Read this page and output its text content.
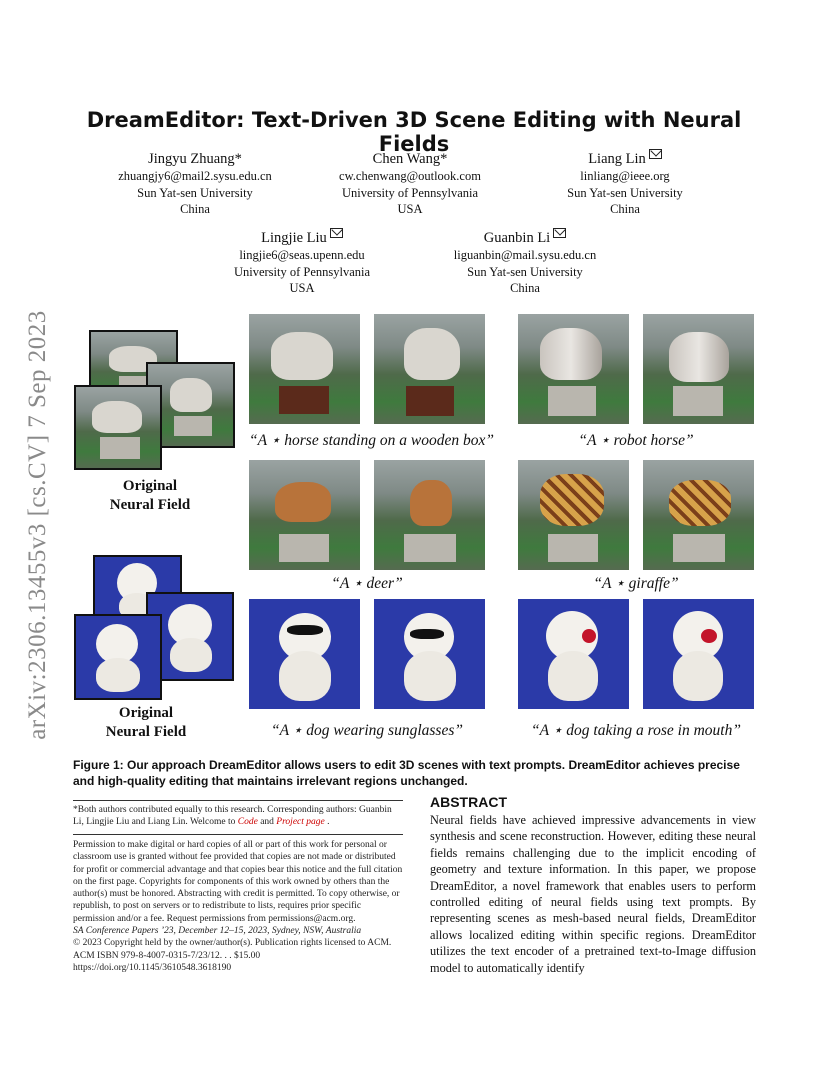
arXiv:2306.13455v3 [cs.CV] 7 Sep 2023
DreamEditor: Text-Driven 3D Scene Editing with Neural Fields
Jingyu Zhuang*
zhuangjy6@mail2.sysu.edu.cn
Sun Yat-sen University
China
Chen Wang*
cw.chenwang@outlook.com
University of Pennsylvania
USA
Liang Lin
linliang@ieee.org
Sun Yat-sen University
China
Lingjie Liu
lingjie6@seas.upenn.edu
University of Pennsylvania
USA
Guanbin Li
liguanbin@mail.sysu.edu.cn
Sun Yat-sen University
China
Original
Neural Field
Original
Neural Field
“A ⋆ horse standing on a wooden box”	“A ⋆ robot horse”
“A ⋆ deer”	“A ⋆ giraffe”
“A ⋆ dog wearing sunglasses”	“A ⋆ dog taking a rose in mouth”
Figure 1: Our approach DreamEditor allows users to edit 3D scenes with text prompts. DreamEditor achieves precise and high-quality editing that maintains irrelevant regions unchanged.
*Both authors contributed equally to this research. Corresponding authors: Guanbin Li, Lingjie Liu and Liang Lin. Welcome to Code and Project page .
Permission to make digital or hard copies of all or part of this work for personal or classroom use is granted without fee provided that copies are not made or distributed for profit or commercial advantage and that copies bear this notice and the full citation on the first page. Copyrights for components of this work owned by others than the author(s) must be honored. Abstracting with credit is permitted. To copy otherwise, or republish, to post on servers or to redistribute to lists, requires prior specific permission and/or a fee. Request permissions from permissions@acm.org.
SA Conference Papers ’23, December 12–15, 2023, Sydney, NSW, Australia
© 2023 Copyright held by the owner/author(s). Publication rights licensed to ACM.
ACM ISBN 979-8-4007-0315-7/23/12. . . $15.00
https://doi.org/10.1145/3610548.3618190
ABSTRACT
Neural fields have achieved impressive advancements in view synthesis and scene reconstruction. However, editing these neural fields remains challenging due to the implicit encoding of geometry and texture information. In this paper, we propose DreamEditor, a novel framework that enables users to perform controlled editing of neural fields using text prompts. By representing scenes as mesh-based neural fields, DreamEditor allows localized editing within specific regions. DreamEditor utilizes the text encoder of a pretrained text-to-Image diffusion model to automatically identify
